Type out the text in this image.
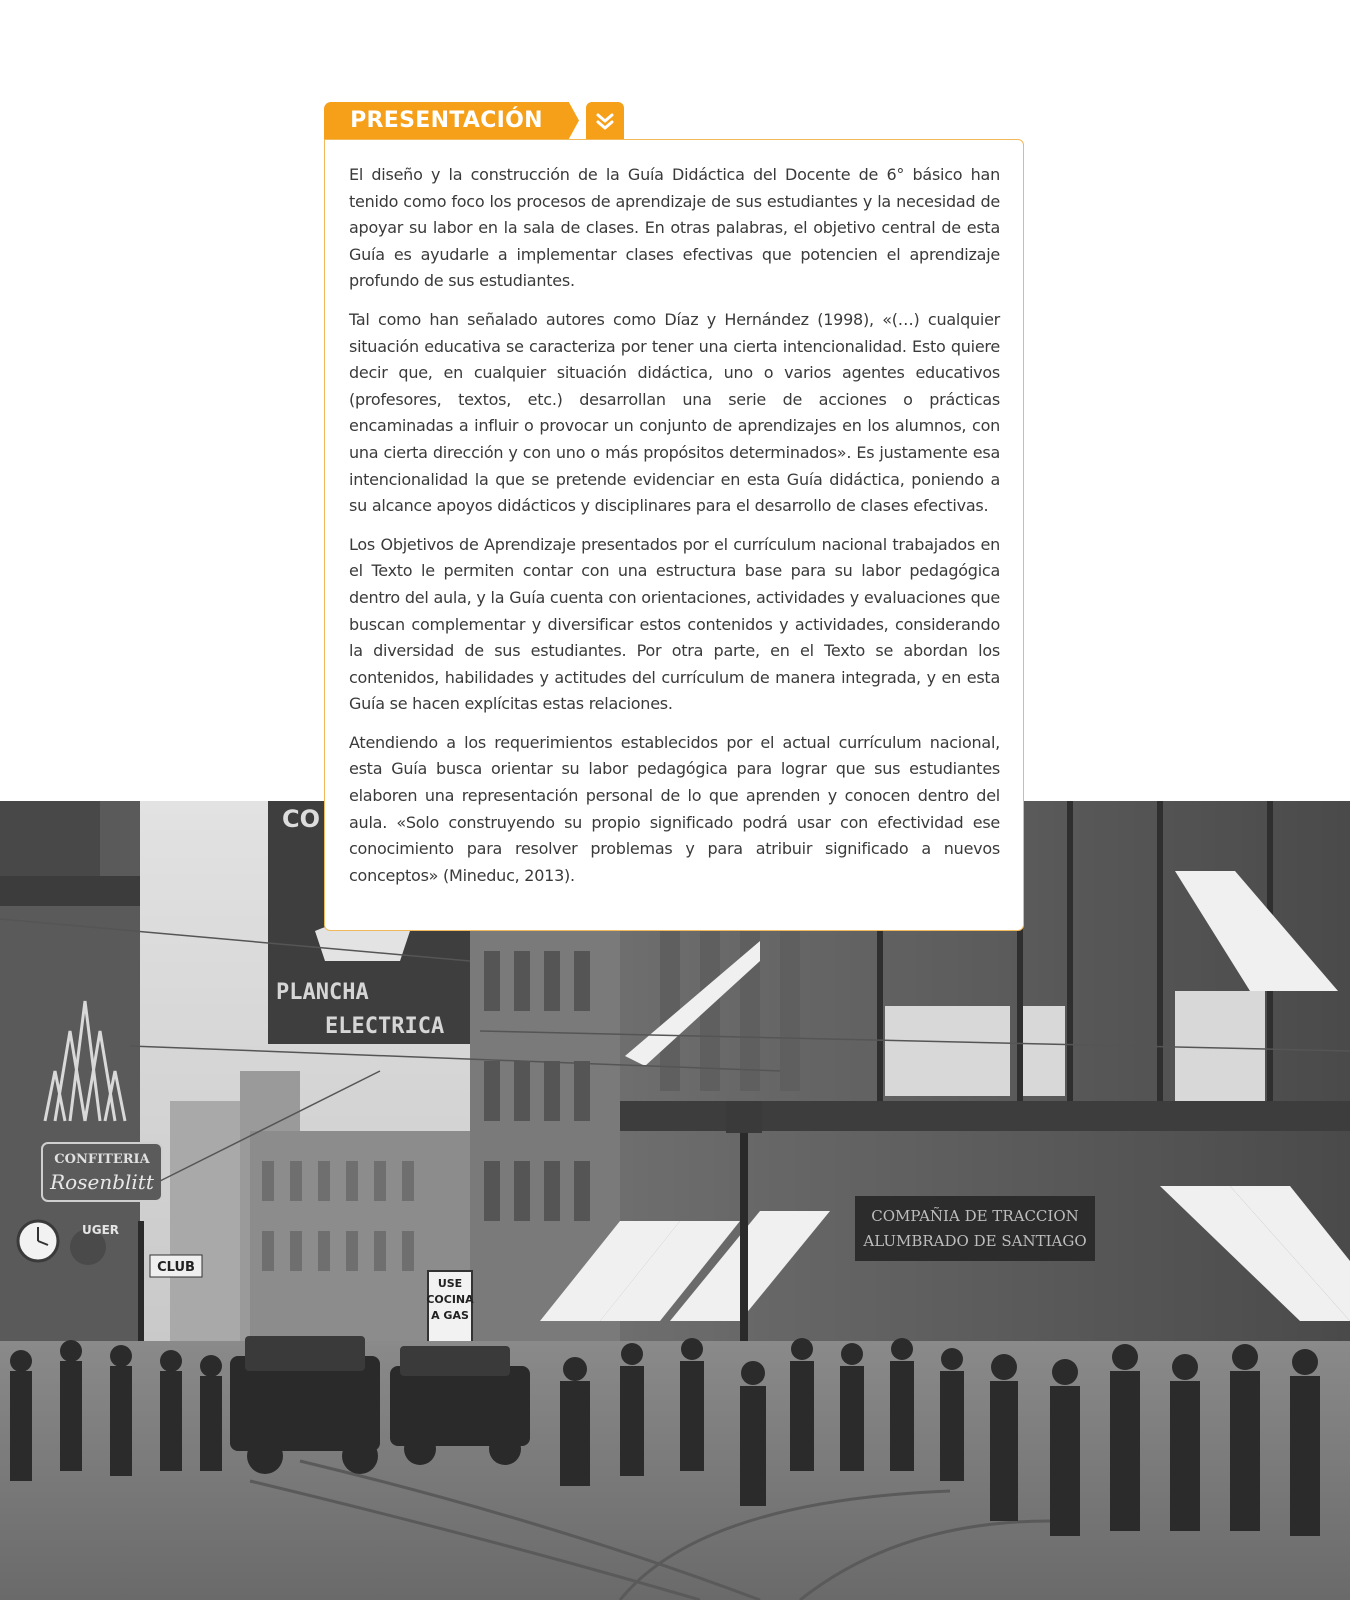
CONFITERIA
Rosenblitt
UGER
CO
PLANCHA
ELECTRICA
COMPAÑIA DE TRACCION
ALUMBRADO DE SANTIAGO
USE
COCINA
A GAS
CLUB
PRESENTACIÓN

El diseño y la construcción de la Guía Didáctica del Docente de 6° básico han tenido como foco los procesos de aprendizaje de sus estudiantes y la necesidad de apoyar su labor en la sala de clases. En otras palabras, el objetivo central de esta Guía es ayudarle a implementar clases efectivas que potencien el aprendizaje profundo de sus estudiantes.

Tal como han señalado autores como Díaz y Hernández (1998), «(…) cualquier situación educativa se caracteriza por tener una cierta intencionalidad. Esto quiere decir que, en cualquier situación didáctica, uno o varios agentes educativos (profesores, textos, etc.) desarrollan una serie de acciones o prácticas encaminadas a influir o provocar un conjunto de aprendizajes en los alumnos, con una cierta dirección y con uno o más propósitos determinados». Es justamente esa intencionalidad la que se pretende evidenciar en esta Guía didáctica, poniendo a su alcance apoyos didácticos y disciplinares para el desarrollo de clases efectivas.

Los Objetivos de Aprendizaje presentados por el currículum nacional trabajados en el Texto le permiten contar con una estructura base para su labor pedagógica dentro del aula, y la Guía cuenta con orientaciones, actividades y evaluaciones que buscan complementar y diversificar estos contenidos y actividades, considerando la diversidad de sus estudiantes. Por otra parte, en el Texto se abordan los contenidos, habilidades y actitudes del currículum de manera integrada, y en esta Guía se hacen explícitas estas relaciones.

Atendiendo a los requerimientos establecidos por el actual currículum nacional, esta Guía busca orientar su labor pedagógica para lograr que sus estudiantes elaboren una representación personal de lo que aprenden y conocen dentro del aula. «Solo construyendo su propio significado podrá usar con efectividad ese conocimiento para resolver problemas y para atribuir significado a nuevos conceptos» (Mineduc, 2013).
